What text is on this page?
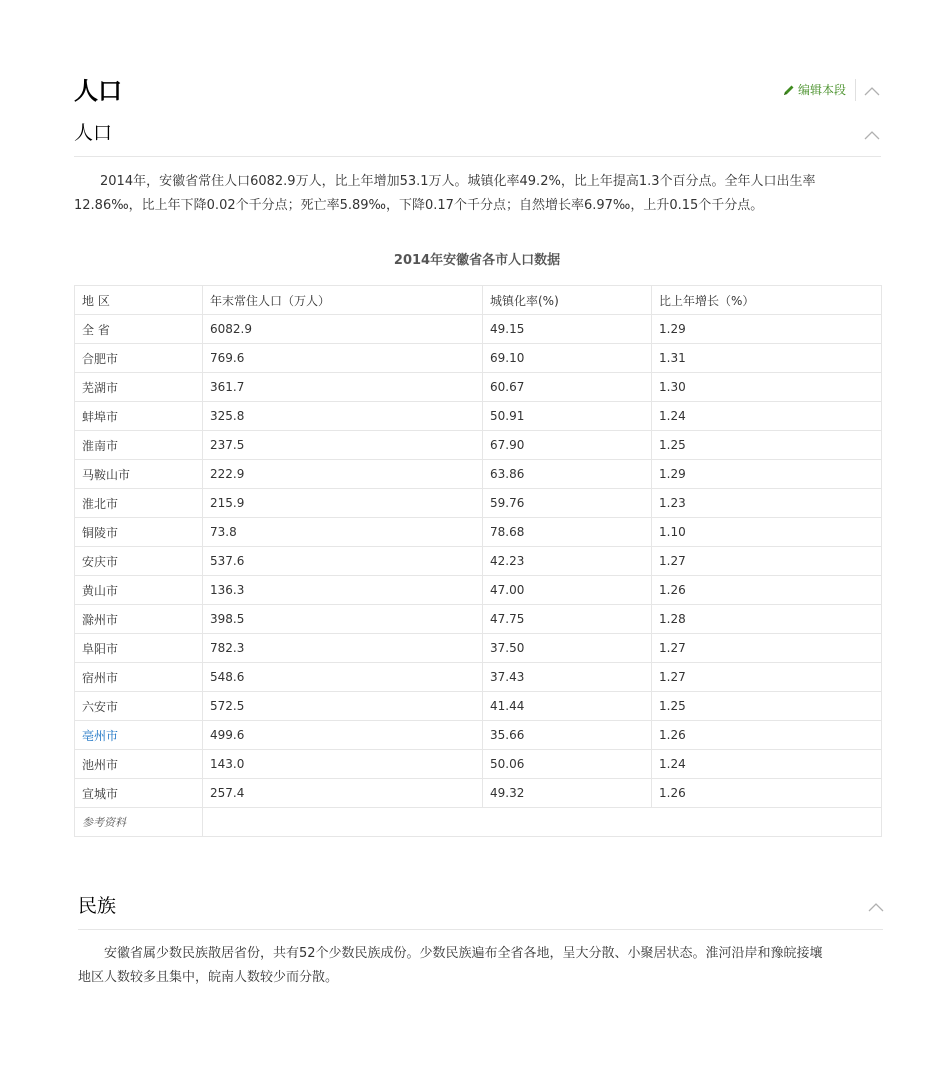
人口	编辑本段
人口
2014年，安徽省常住人口6082.9万人，比上年增加53.1万人。城镇化率49.2%，比上年提高1.3个百分点。全年人口出生率
12.86‰，比上年下降0.02个千分点；死亡率5.89‰，下降0.17个千分点；自然增长率6.97‰，上升0.15个千分点。
2014年安徽省各市人口数据
地 区	年末常住人口（万人）	城镇化率(%)	比上年增长（%）
全 省	6082.9	49.15	1.29
合肥市	769.6	69.10	1.31
芜湖市	361.7	60.67	1.30
蚌埠市	325.8	50.91	1.24
淮南市	237.5	67.90	1.25
马鞍山市	222.9	63.86	1.29
淮北市	215.9	59.76	1.23
铜陵市	73.8	78.68	1.10
安庆市	537.6	42.23	1.27
黄山市	136.3	47.00	1.26
滁州市	398.5	47.75	1.28
阜阳市	782.3	37.50	1.27
宿州市	548.6	37.43	1.27
六安市	572.5	41.44	1.25
亳州市	499.6	35.66	1.26
池州市	143.0	50.06	1.24
宣城市	257.4	49.32	1.26
参考资料			
民族
安徽省属少数民族散居省份，共有52个少数民族成份。少数民族遍布全省各地，呈大分散、小聚居状态。淮河沿岸和豫皖接壤
地区人数较多且集中，皖南人数较少而分散。
